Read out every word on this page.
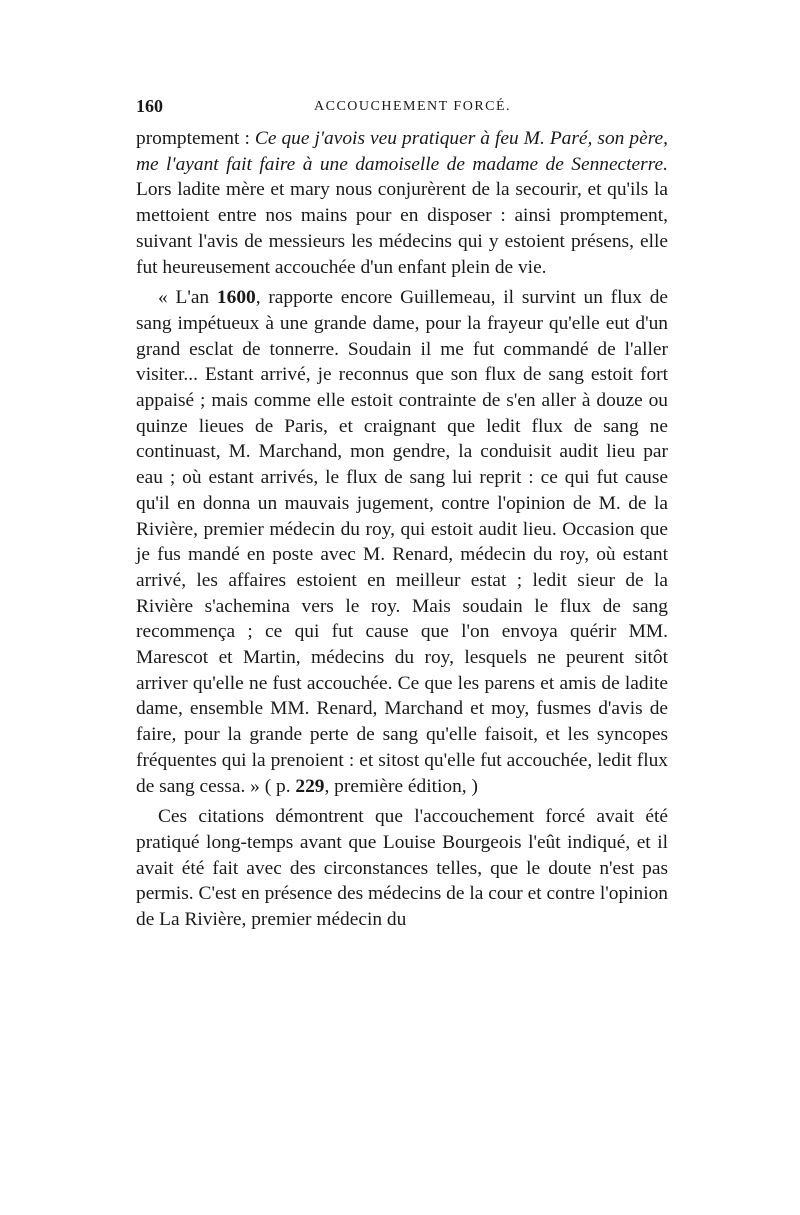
160	ACCOUCHEMENT FORCÉ.

promptement : Ce que j'avois veu pratiquer à feu M. Paré, son père, me l'ayant fait faire à une damoiselle de madame de Sennecterre. Lors ladite mère et mary nous conjurèrent de la secourir, et qu'ils la mettoient entre nos mains pour en disposer : ainsi promptement, suivant l'avis de messieurs les médecins qui y estoient présens, elle fut heureusement accouchée d'un enfant plein de vie.

« L'an 1600, rapporte encore Guillemeau, il survint un flux de sang impétueux à une grande dame, pour la frayeur qu'elle eut d'un grand esclat de tonnerre. Soudain il me fut commandé de l'aller visiter... Estant arrivé, je reconnus que son flux de sang estoit fort appaisé ; mais comme elle estoit contrainte de s'en aller à douze ou quinze lieues de Paris, et craignant que ledit flux de sang ne continuast, M. Marchand, mon gendre, la conduisit audit lieu par eau ; où estant arrivés, le flux de sang lui reprit : ce qui fut cause qu'il en donna un mauvais jugement, contre l'opinion de M. de la Rivière, premier médecin du roy, qui estoit audit lieu. Occasion que je fus mandé en poste avec M. Renard, médecin du roy, où estant arrivé, les affaires estoient en meilleur estat ; ledit sieur de la Rivière s'achemina vers le roy. Mais soudain le flux de sang recommença ; ce qui fut cause que l'on envoya quérir MM. Marescot et Martin, médecins du roy, lesquels ne peurent sitôt arriver qu'elle ne fust accouchée. Ce que les parens et amis de ladite dame, ensemble MM. Renard, Marchand et moy, fusmes d'avis de faire, pour la grande perte de sang qu'elle faisoit, et les syncopes fréquentes qui la prenoient : et sitost qu'elle fut accouchée, ledit flux de sang cessa. » ( p. 229, première édition, )

Ces citations démontrent que l'accouchement forcé avait été pratiqué long-temps avant que Louise Bourgeois l'eût indiqué, et il avait été fait avec des circonstances telles, que le doute n'est pas permis. C'est en présence des médecins de la cour et contre l'opinion de La Rivière, premier médecin du
